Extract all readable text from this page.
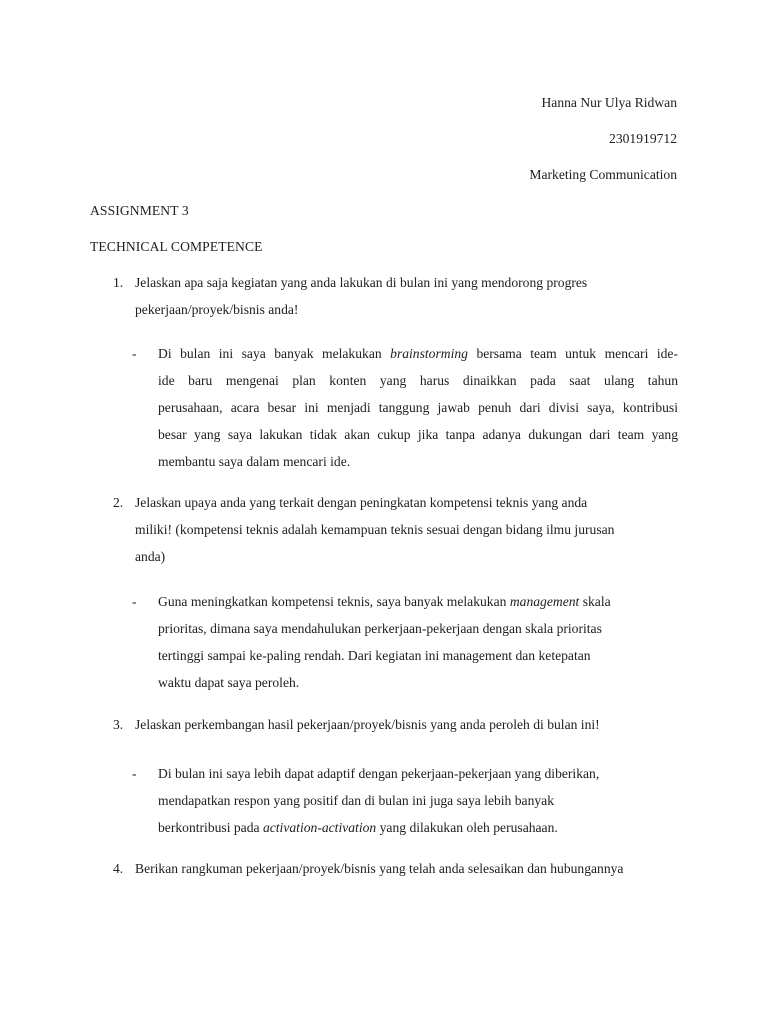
Hanna Nur Ulya Ridwan
2301919712
Marketing Communication
ASSIGNMENT 3
TECHNICAL COMPETENCE
1. Jelaskan apa saja kegiatan yang anda lakukan di bulan ini yang mendorong progres
pekerjaan/proyek/bisnis anda!
- Di bulan ini saya banyak melakukan brainstorming bersama team untuk mencari ide-
ide baru mengenai plan konten yang harus dinaikkan pada saat ulang tahun
perusahaan, acara besar ini menjadi tanggung jawab penuh dari divisi saya, kontribusi
besar yang saya lakukan tidak akan cukup jika tanpa adanya dukungan dari team yang
membantu saya dalam mencari ide.
2. Jelaskan upaya anda yang terkait dengan peningkatan kompetensi teknis yang anda
miliki! (kompetensi teknis adalah kemampuan teknis sesuai dengan bidang ilmu jurusan
anda)
- Guna meningkatkan kompetensi teknis, saya banyak melakukan management skala
prioritas, dimana saya mendahulukan perkerjaan-pekerjaan dengan skala prioritas
tertinggi sampai ke-paling rendah. Dari kegiatan ini management dan ketepatan
waktu dapat saya peroleh.
3. Jelaskan perkembangan hasil pekerjaan/proyek/bisnis yang anda peroleh di bulan ini!
- Di bulan ini saya lebih dapat adaptif dengan pekerjaan-pekerjaan yang diberikan,
mendapatkan respon yang positif dan di bulan ini juga saya lebih banyak
berkontribusi pada activation-activation yang dilakukan oleh perusahaan.
4. Berikan rangkuman pekerjaan/proyek/bisnis yang telah anda selesaikan dan hubungannya
